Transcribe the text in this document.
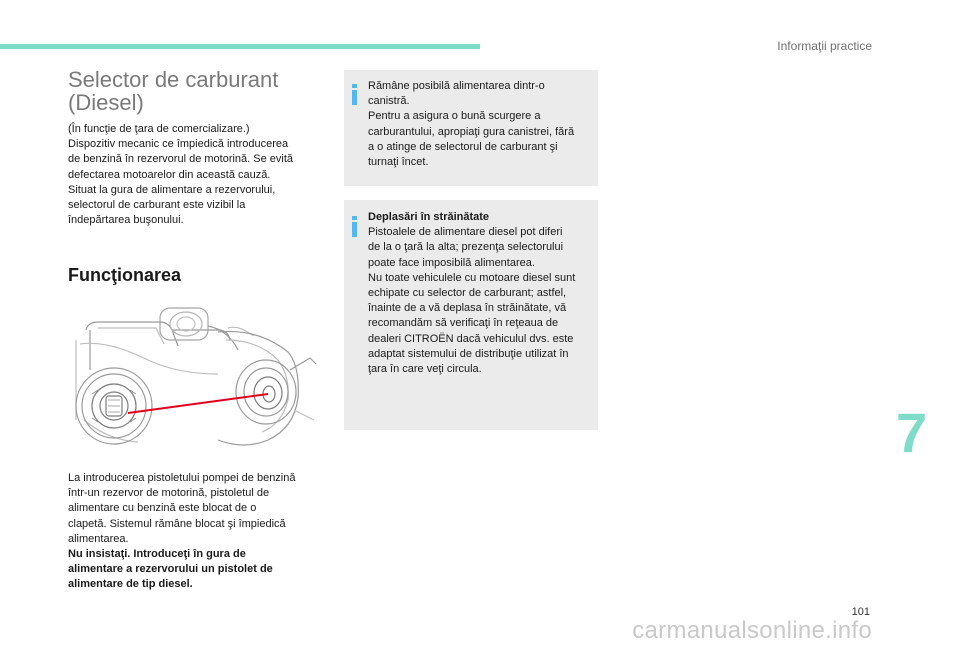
Informaţii practice
Selector de carburant
(Diesel)

(În funcţie de ţara de comercializare.)
Dispozitiv mecanic ce împiedică introducerea
de benzină în rezervorul de motorină. Se evită
defectarea motoarelor din această cauză.
Situat la gura de alimentare a rezervorului,
selectorul de carburant este vizibil la
îndepărtarea buşonului.

Funcţionarea

La introducerea pistoletului pompei de benzină
într-un rezervor de motorină, pistoletul de
alimentare cu benzină este blocat de o
clapetă. Sistemul rămâne blocat şi împiedică
alimentarea.
Nu insistaţi. Introduceţi în gura de
alimentare a rezervorului un pistolet de
alimentare de tip diesel.

Rămâne posibilă alimentarea dintr-o
canistră.
Pentru a asigura o bună scurgere a
carburantului, apropiaţi gura canistrei, fără
a o atinge de selectorul de carburant şi
turnaţi încet.

Deplasări în străinătate
Pistoalele de alimentare diesel pot diferi
de la o ţară la alta; prezenţa selectorului
poate face imposibilă alimentarea.
Nu toate vehiculele cu motoare diesel sunt
echipate cu selector de carburant; astfel,
înainte de a vă deplasa în străinătate, vă
recomandăm să verificaţi în reţeaua de
dealeri CITROËN dacă vehiculul dvs. este
adaptat sistemului de distribuţie utilizat în
ţara în care veţi circula.

7
101
carmanualsonline.info
